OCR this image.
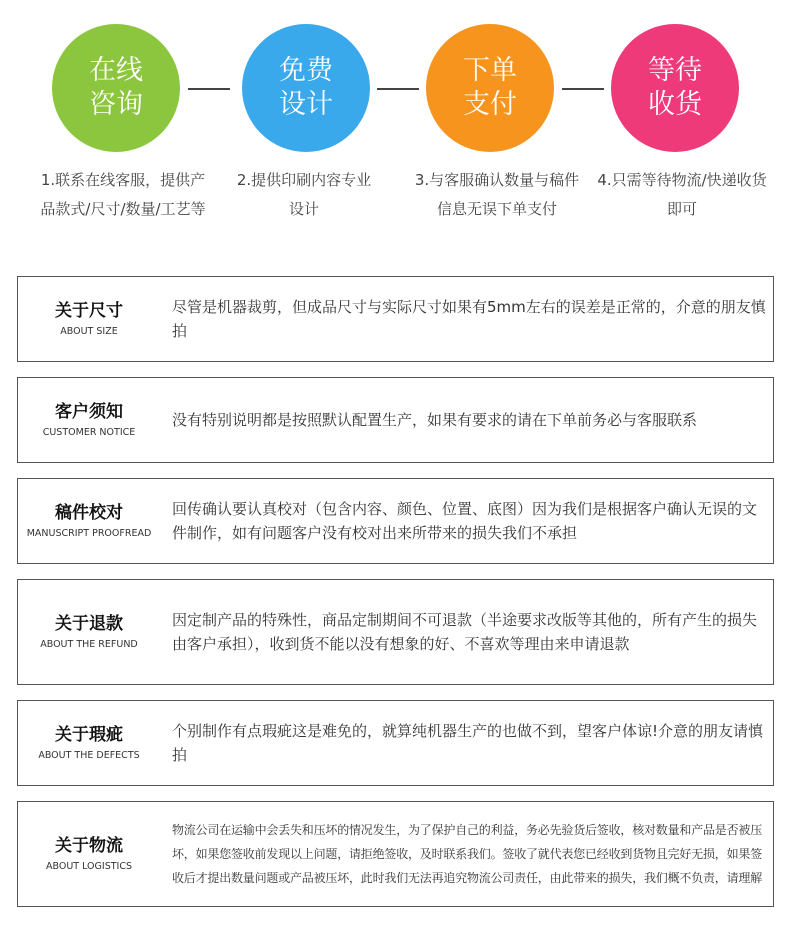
在线
咨询
免费
设计
下单
支付
等待
收货
1.联系在线客服，提供产品款式/尺寸/数量/工艺等
2.提供印刷内容专业设计
3.与客服确认数量与稿件信息无误下单支付
4.只需等待物流/快递收货即可
关于尺寸
ABOUT SIZE
尽管是机器裁剪，但成品尺寸与实际尺寸如果有5mm左右的误差是正常的，介意的朋友慎拍
客户须知
CUSTOMER NOTICE
没有特别说明都是按照默认配置生产，如果有要求的请在下单前务必与客服联系
稿件校对
MANUSCRIPT PROOFREAD
回传确认要认真校对（包含内容、颜色、位置、底图）因为我们是根据客户确认无误的文件制作，如有问题客户没有校对出来所带来的损失我们不承担
关于退款
ABOUT THE REFUND
因定制产品的特殊性，商品定制期间不可退款（半途要求改版等其他的，所有产生的损失由客户承担），收到货不能以没有想象的好、不喜欢等理由来申请退款
关于瑕疵
ABOUT THE DEFECTS
个别制作有点瑕疵这是难免的，就算纯机器生产的也做不到，望客户体谅!介意的朋友请慎拍
关于物流
ABOUT LOGISTICS
物流公司在运输中会丢失和压坏的情况发生，为了保护自己的利益，务必先验货后签收，核对数量和产品是否被压坏，如果您签收前发现以上问题，请拒绝签收，及时联系我们。签收了就代表您已经收到货物且完好无损，如果签收后才提出数量问题或产品被压坏，此时我们无法再追究物流公司责任，由此带来的损失，我们概不负责，请理解
